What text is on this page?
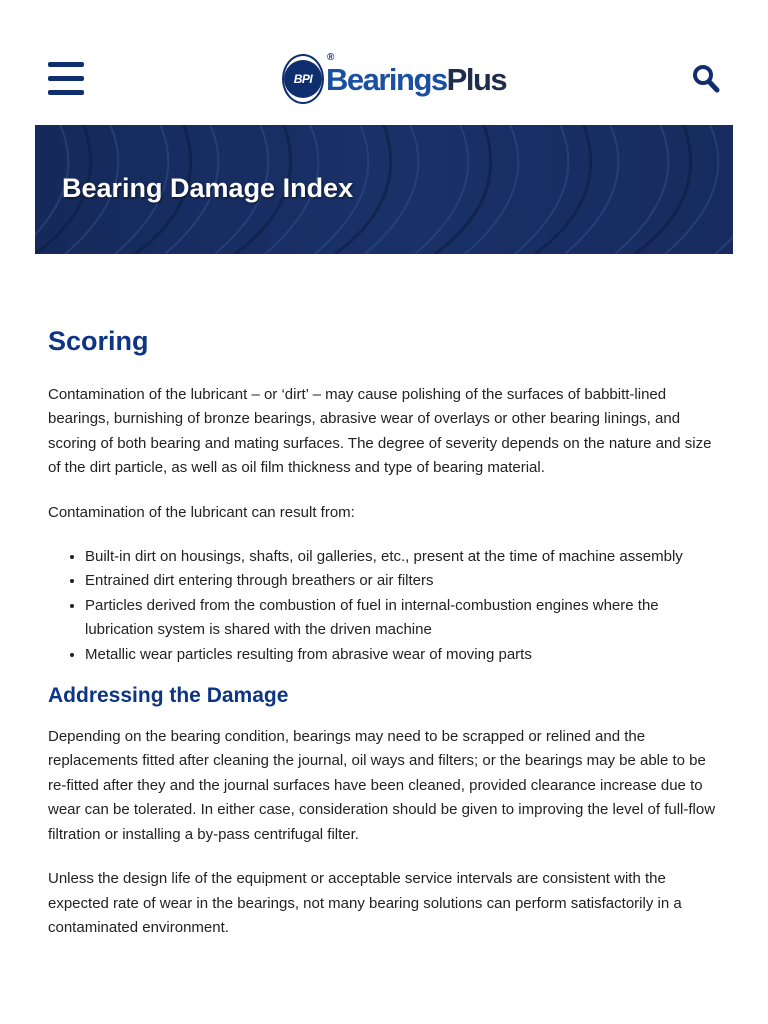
BPI BearingsPlus
®
Bearing Damage Index
Scoring

Contamination of the lubricant – or ‘dirt’ – may cause polishing of the surfaces of babbitt-lined bearings, burnishing of bronze bearings, abrasive wear of overlays or other bearing linings, and scoring of both bearing and mating surfaces. The degree of severity depends on the nature and size of the dirt particle, as well as oil film thickness and type of bearing material.

Contamination of the lubricant can result from:

• Built-in dirt on housings, shafts, oil galleries, etc., present at the time of machine assembly
• Entrained dirt entering through breathers or air filters
• Particles derived from the combustion of fuel in internal-combustion engines where the lubrication system is shared with the driven machine
• Metallic wear particles resulting from abrasive wear of moving parts
Addressing the Damage

Depending on the bearing condition, bearings may need to be scrapped or relined and the replacements fitted after cleaning the journal, oil ways and filters; or the bearings may be able to be re-fitted after they and the journal surfaces have been cleaned, provided clearance increase due to wear can be tolerated. In either case, consideration should be given to improving the level of full-flow filtration or installing a by-pass centrifugal filter.

Unless the design life of the equipment or acceptable service intervals are consistent with the expected rate of wear in the bearings, not many bearing solutions can perform satisfactorily in a contaminated environment.
